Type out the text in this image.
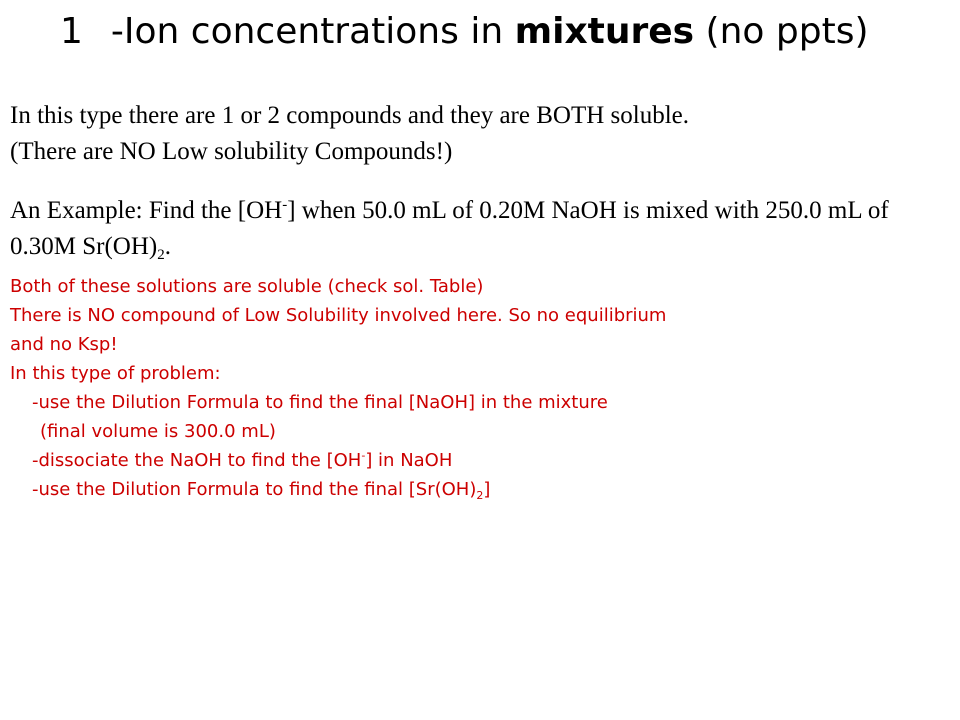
1 -Ion concentrations in mixtures (no ppts)

In this type there are 1 or 2 compounds and they are BOTH soluble.
(There are NO Low solubility Compounds!)

An Example: Find the [OH-] when 50.0 mL of 0.20M NaOH is mixed with 250.0 mL of 0.30M $Sr(OH)_2$.

Both of these solutions are soluble (check sol. Table)
There is NO compound of Low Solubility involved here. So no equilibrium
and no Ksp!
In this type of problem:
-use the Dilution Formula to find the final [NaOH] in the mixture
(final volume is 300.0 mL)
-dissociate the NaOH to find the [OH-] in NaOH
-use the Dilution Formula to find the final $[Sr(OH)_2]$
